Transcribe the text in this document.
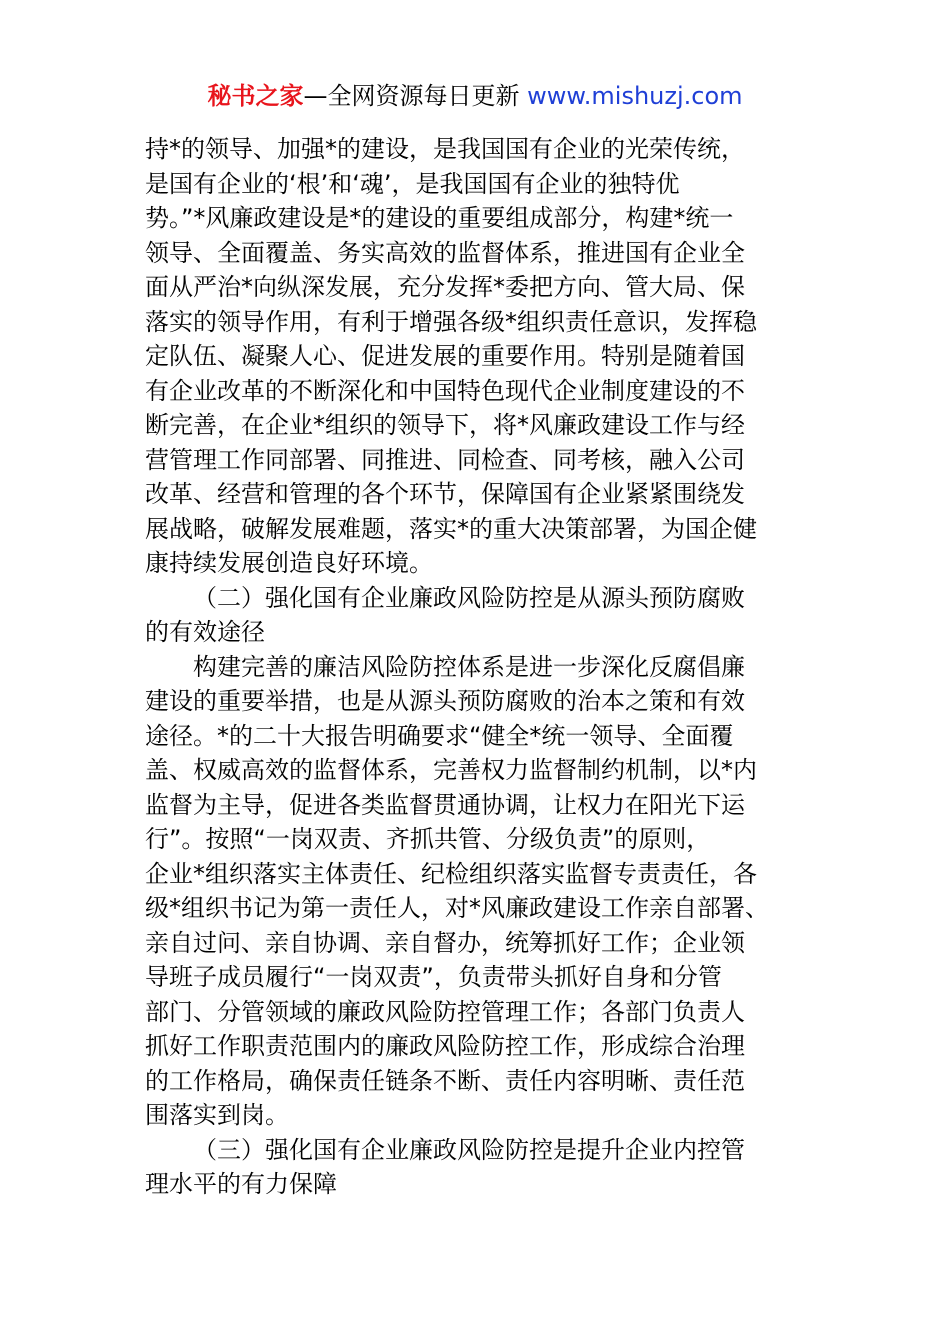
秘书之家—全网资源每日更新 www.mishuzj.com
持*的领导、加强*的建设，是我国国有企业的光荣传统，
是国有企业的‘根’和‘魂’，是我国国有企业的独特优
势。”*风廉政建设是*的建设的重要组成部分，构建*统一
领导、全面覆盖、务实高效的监督体系，推进国有企业全
面从严治*向纵深发展，充分发挥*委把方向、管大局、保
落实的领导作用，有利于增强各级*组织责任意识，发挥稳
定队伍、凝聚人心、促进发展的重要作用。特别是随着国
有企业改革的不断深化和中国特色现代企业制度建设的不
断完善，在企业*组织的领导下，将*风廉政建设工作与经
营管理工作同部署、同推进、同检查、同考核，融入公司
改革、经营和管理的各个环节，保障国有企业紧紧围绕发
展战略，破解发展难题，落实*的重大决策部署，为国企健
康持续发展创造良好环境。
（二）强化国有企业廉政风险防控是从源头预防腐败
的有效途径
构建完善的廉洁风险防控体系是进一步深化反腐倡廉
建设的重要举措，也是从源头预防腐败的治本之策和有效
途径。*的二十大报告明确要求“健全*统一领导、全面覆
盖、权威高效的监督体系，完善权力监督制约机制，以*内
监督为主导，促进各类监督贯通协调，让权力在阳光下运
行”。按照“一岗双责、齐抓共管、分级负责”的原则，
企业*组织落实主体责任、纪检组织落实监督专责责任，各
级*组织书记为第一责任人，对*风廉政建设工作亲自部署、
亲自过问、亲自协调、亲自督办，统筹抓好工作；企业领
导班子成员履行“一岗双责”，负责带头抓好自身和分管
部门、分管领域的廉政风险防控管理工作；各部门负责人
抓好工作职责范围内的廉政风险防控工作，形成综合治理
的工作格局，确保责任链条不断、责任内容明晰、责任范
围落实到岗。
（三）强化国有企业廉政风险防控是提升企业内控管
理水平的有力保障
